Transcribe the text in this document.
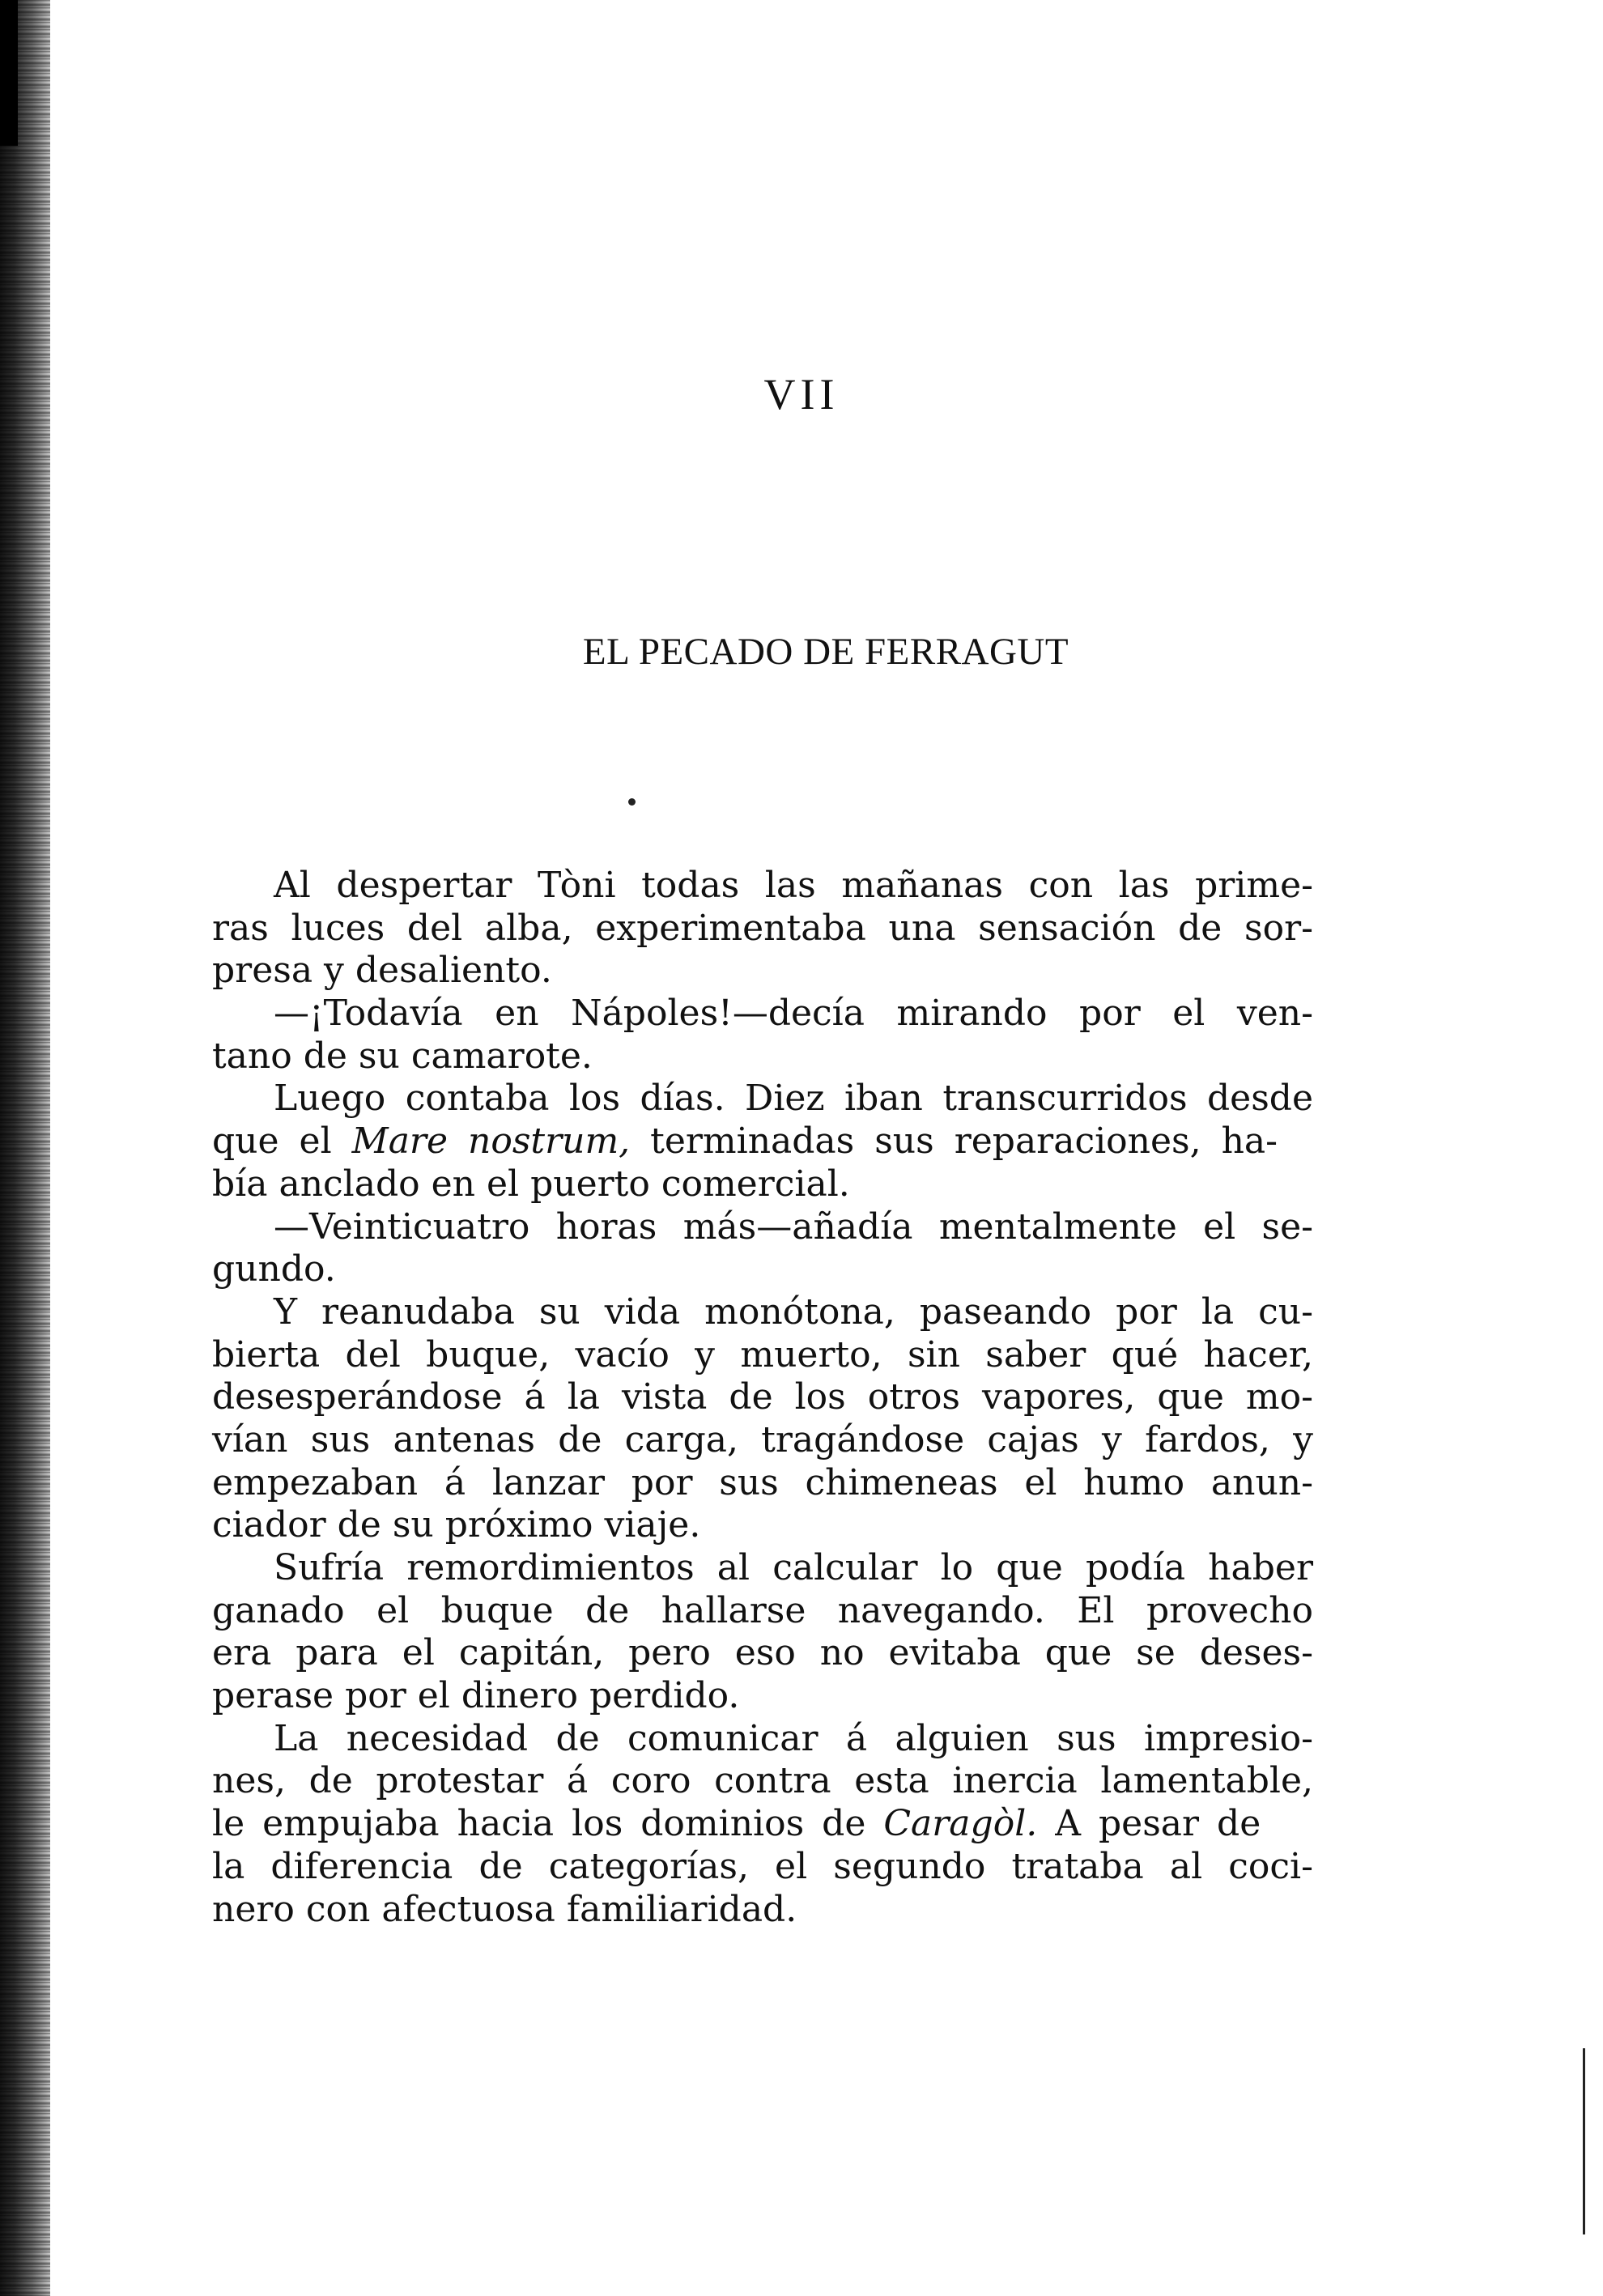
VII
EL PECADO DE FERRAGUT
Al despertar Tòni todas las mañanas con las prime-
ras luces del alba, experimentaba una sensación de sor-
presa y desaliento.
—¡Todavía en Nápoles!—decía mirando por el ven-
tano de su camarote.
Luego contaba los días. Diez iban transcurridos desde
que el Mare nostrum, terminadas sus reparaciones, ha-
bía anclado en el puerto comercial.
—Veinticuatro horas más—añadía mentalmente el se-
gundo.
Y reanudaba su vida monótona, paseando por la cu-
bierta del buque, vacío y muerto, sin saber qué hacer,
desesperándose á la vista de los otros vapores, que mo-
vían sus antenas de carga, tragándose cajas y fardos, y
empezaban á lanzar por sus chimeneas el humo anun-
ciador de su próximo viaje.
Sufría remordimientos al calcular lo que podía haber
ganado el buque de hallarse navegando. El provecho
era para el capitán, pero eso no evitaba que se deses-
perase por el dinero perdido.
La necesidad de comunicar á alguien sus impresio-
nes, de protestar á coro contra esta inercia lamentable,
le empujaba hacia los dominios de Caragòl. A pesar de
la diferencia de categorías, el segundo trataba al coci-
nero con afectuosa familiaridad.
